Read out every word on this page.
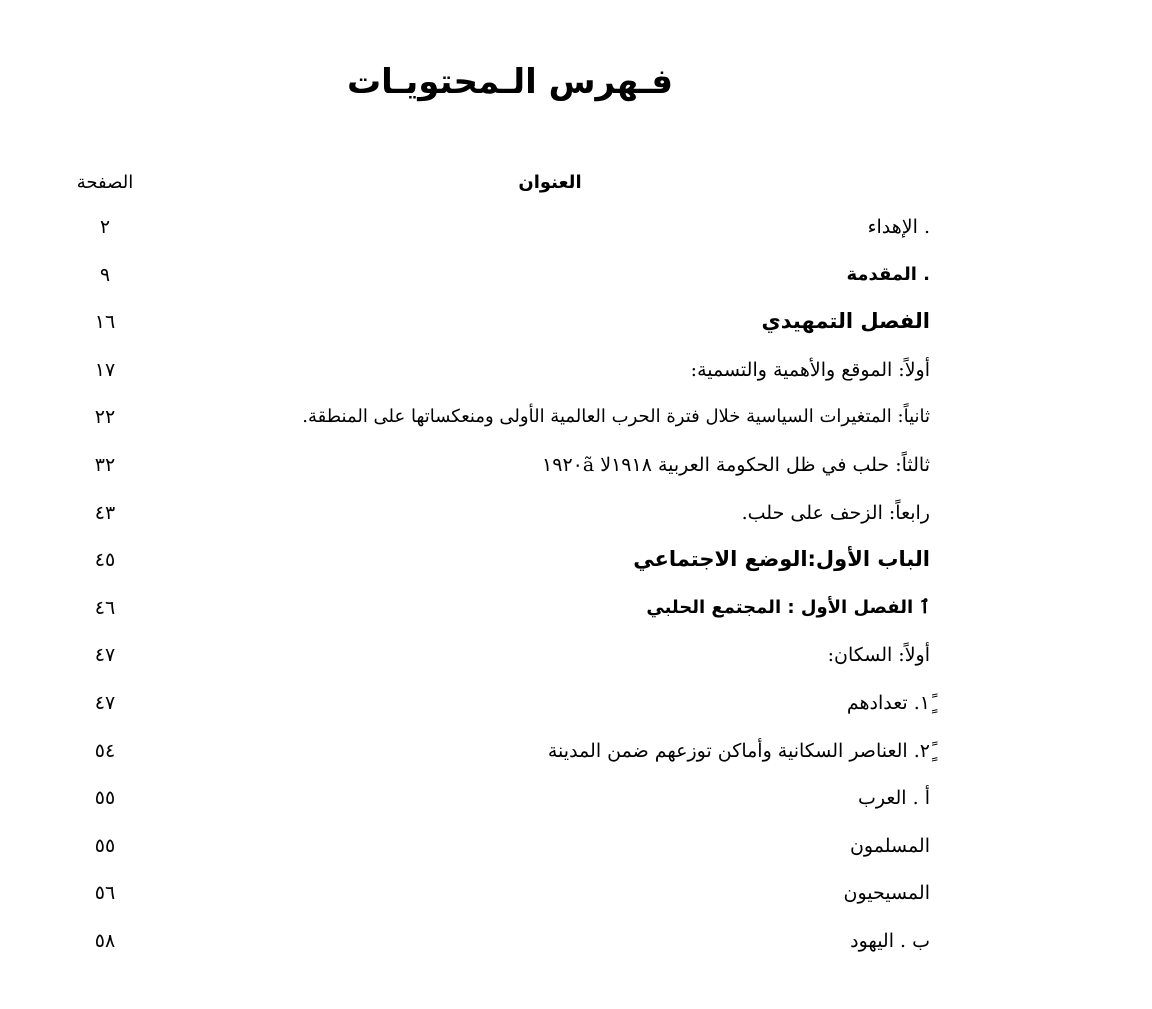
فـهرس الـمحتويـات
العنوان
الصفحة
. الإهداء
٢
. المقدمة
٩
الفصل التمهيدي
١٦
أولاً: الموقع والأهمية والتسمية:
١٧
ثانياً: المتغيرات السياسية خلال فترة الحرب العالمية الأولى ومنعكساتها على المنطقة.
٢٢
ثالثاً: حلب في ظل الحكومة العربية ١٩١٨ﻻ ١٩٢٠ã
٣٢
رابعاً: الزحف على حلب.
٤٣
الباب الأول:الوضع الاجتماعي
٤٥
ٱ الفصل الأول : المجتمع الحلبي
٤٦
أولاً: السكان:
٤٧
ًٍ١. تعدادهم
٤٧
ًٍ٢. العناصر السكانية وأماكن توزعهم ضمن المدينة
٥٤
أ . العرب
٥٥
المسلمون
٥٥
المسيحيون
٥٦
ب . اليهود
٥٨
